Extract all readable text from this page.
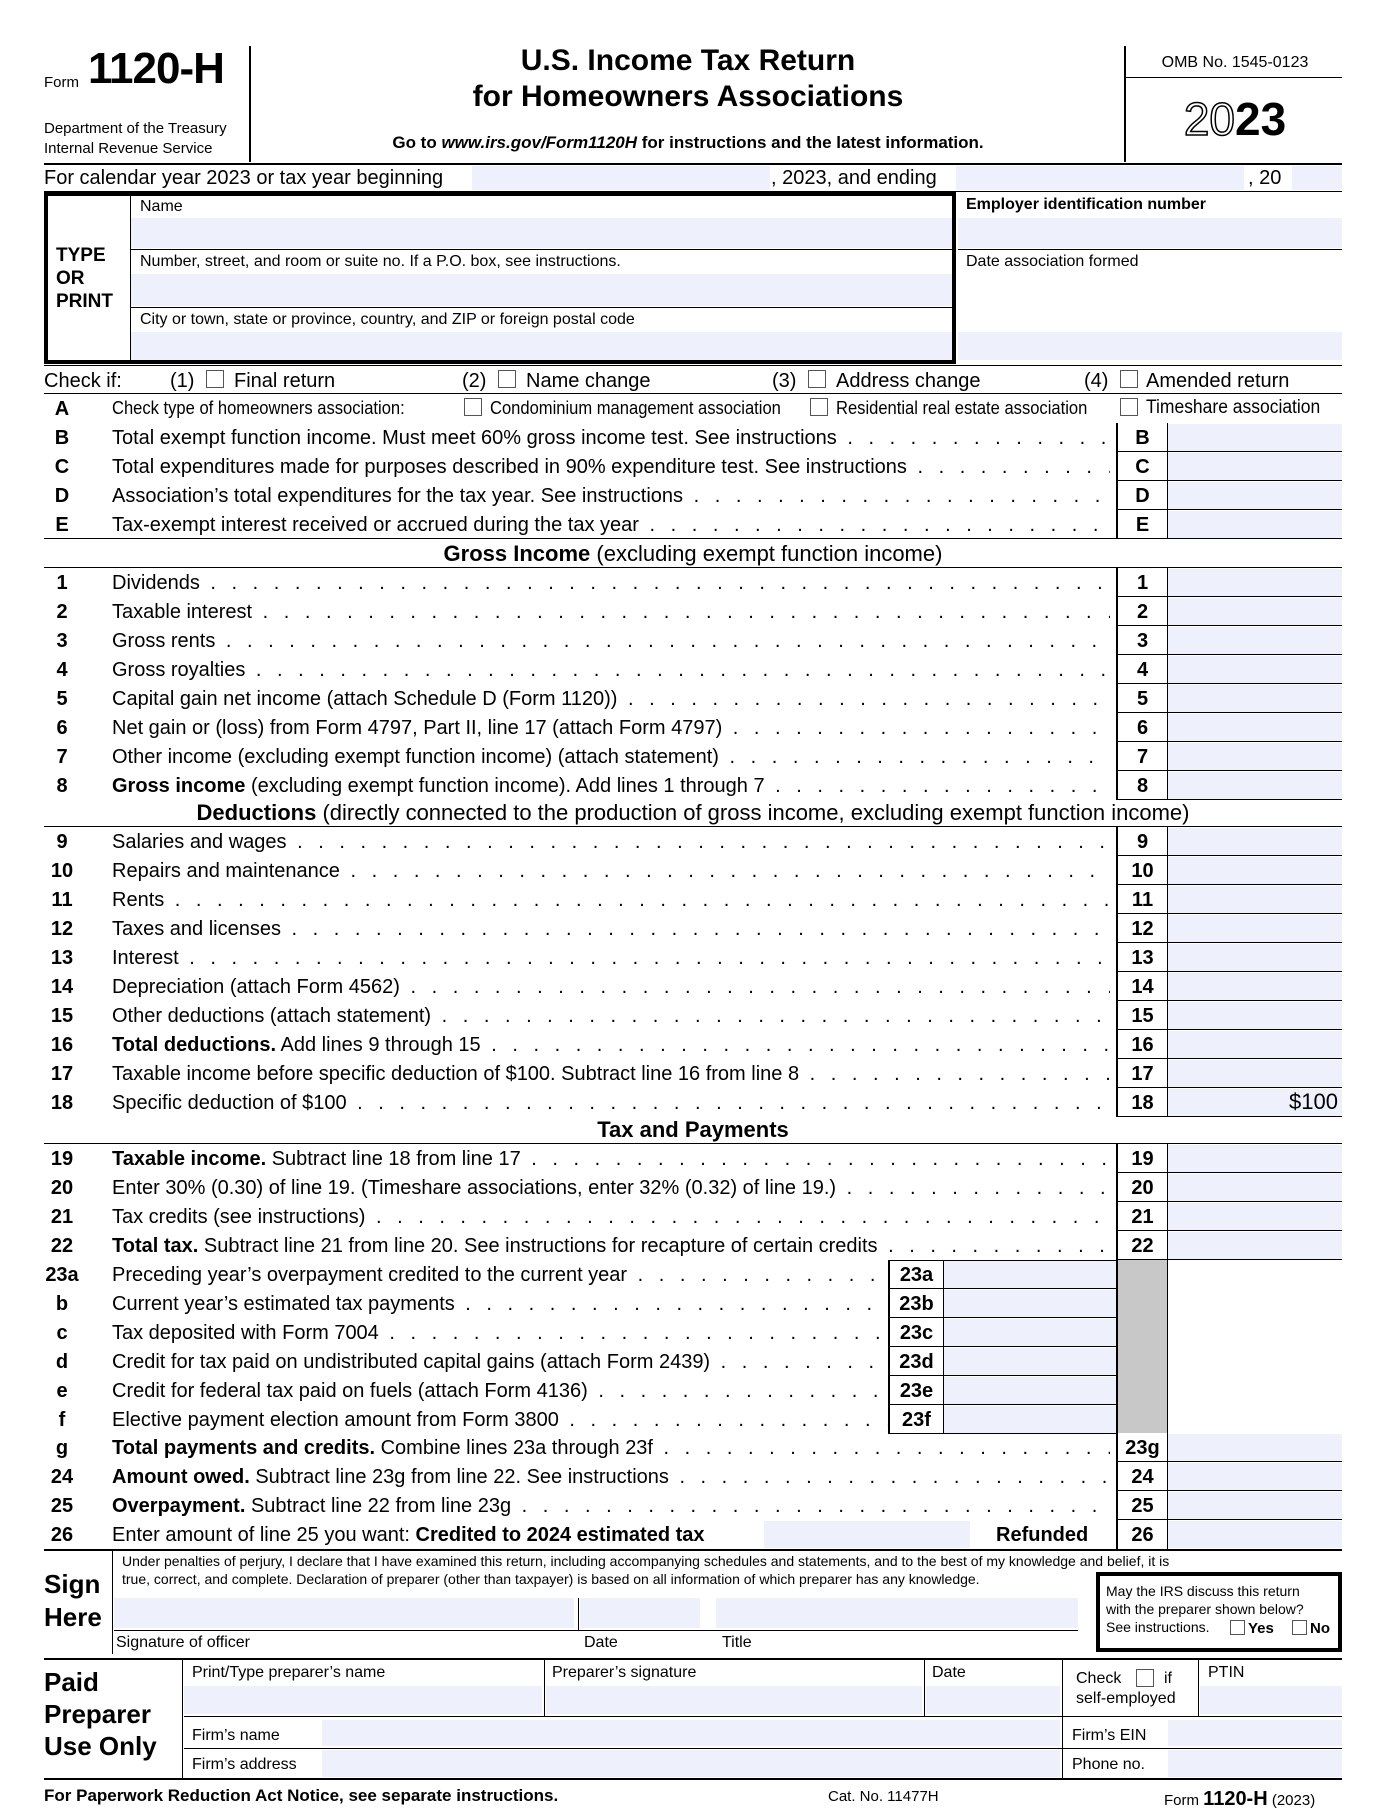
Form 1120-H
Department of the Treasury
Internal Revenue Service
U.S. Income Tax Return
for Homeowners Associations
Go to www.irs.gov/Form1120H for instructions and the latest information.
OMB No. 1545-0123
2023
For calendar year 2023 or tax year beginning	, 2023, and ending	, 20
TYPE
OR
PRINT
Name
Number, street, and room or suite no. If a P.O. box, see instructions.
City or town, state or province, country, and ZIP or foreign postal code
Employer identification number
Date association formed
Check if: (1) Final return	(2) Name change	(3) Address change	(4) Amended return
A	Check type of homeowners association:	Condominium management association	Residential real estate association	Timeshare association
B	Total exempt function income. Must meet 60% gross income test. See instructions . . .	B
C	Total expenditures made for purposes described in 90% expenditure test. See instructions . . .	C
D	Association’s total expenditures for the tax year. See instructions . . .	D
E	Tax-exempt interest received or accrued during the tax year . . .	E
Gross Income (excluding exempt function income)
1	Dividends . . .	1
2	Taxable interest . . .	2
3	Gross rents . . .	3
4	Gross royalties . . .	4
5	Capital gain net income (attach Schedule D (Form 1120)) . . .	5
6	Net gain or (loss) from Form 4797, Part II, line 17 (attach Form 4797) . . .	6
7	Other income (excluding exempt function income) (attach statement) . . .	7
8	Gross income (excluding exempt function income). Add lines 1 through 7 . . .	8
Deductions (directly connected to the production of gross income, excluding exempt function income)
9	Salaries and wages . . .	9
10	Repairs and maintenance . . .	10
11	Rents . . .	11
12	Taxes and licenses . . .	12
13	Interest . . .	13
14	Depreciation (attach Form 4562) . . .	14
15	Other deductions (attach statement) . . .	15
16	Total deductions. Add lines 9 through 15 . . .	16
17	Taxable income before specific deduction of $100. Subtract line 16 from line 8 . . .	17
18	Specific deduction of $100 . . .	18	$100
Tax and Payments
19	Taxable income. Subtract line 18 from line 17 . . .	19
20	Enter 30% (0.30) of line 19. (Timeshare associations, enter 32% (0.32) of line 19.) . . .	20
21	Tax credits (see instructions) . . .	21
22	Total tax. Subtract line 21 from line 20. See instructions for recapture of certain credits . . .	22
23a Preceding year’s overpayment credited to the current year . . .	23a
b	Current year’s estimated tax payments . . .	23b
c	Tax deposited with Form 7004 . . .	23c
d	Credit for tax paid on undistributed capital gains (attach Form 2439) . . .	23d
e	Credit for federal tax paid on fuels (attach Form 4136) . . .	23e
f	Elective payment election amount from Form 3800 . . .	23f
g	Total payments and credits. Combine lines 23a through 23f . . .	23g
24	Amount owed. Subtract line 23g from line 22. See instructions . . .	24
25	Overpayment. Subtract line 22 from line 23g . . .	25
26	Enter amount of line 25 you want: Credited to 2024 estimated tax	Refunded	26
Sign
Here
Under penalties of perjury, I declare that I have examined this return, including accompanying schedules and statements, and to the best of my knowledge and belief, it is
true, correct, and complete. Declaration of preparer (other than taxpayer) is based on all information of which preparer has any knowledge.
Signature of officer	Date	Title
May the IRS discuss this return
with the preparer shown below?
See instructions.	Yes No
Paid
Preparer
Use Only
Print/Type preparer’s name	Preparer’s signature	Date	Check	if
self-employed
PTIN
Firm’s name	Firm’s EIN
Firm’s address	Phone no.
For Paperwork Reduction Act Notice, see separate instructions.	Cat. No. 11477H	Form 1120-H (2023)
